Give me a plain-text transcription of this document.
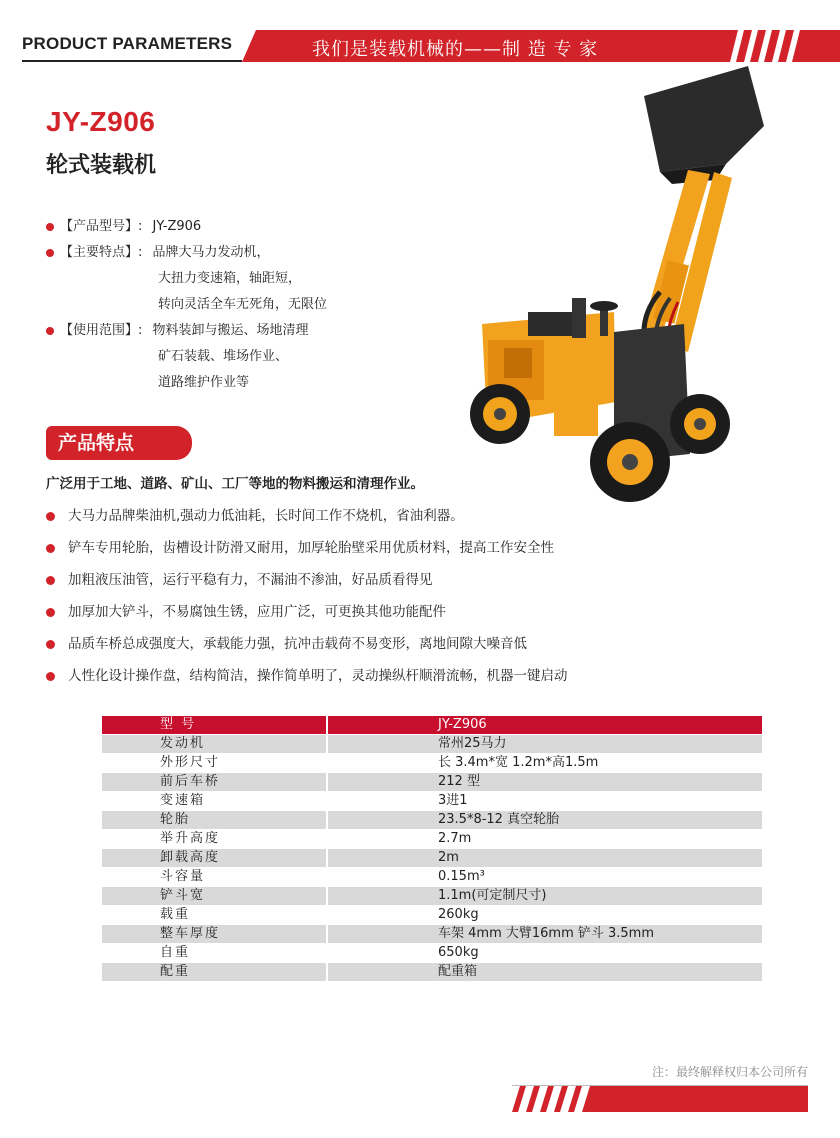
PRODUCT PARAMETERS	我们是装载机械的——制 造 专 家
JY-Z906
轮式装载机
【产品型号】: JY-Z906
【主要特点】: 品牌大马力发动机，
大扭力变速箱，轴距短，
转向灵活全车无死角，无限位
【使用范围】: 物料装卸与搬运、场地清理
矿石装载、堆场作业、
道路维护作业等
产品特点
广泛用于工地、道路、矿山、工厂等地的物料搬运和清理作业。
大马力品牌柴油机,强动力低油耗，长时间工作不烧机，省油利器。
铲车专用轮胎，齿槽设计防滑又耐用，加厚轮胎壁采用优质材料，提高工作安全性
加粗液压油管，运行平稳有力，不漏油不渗油，好品质看得见
加厚加大铲斗，不易腐蚀生锈，应用广泛，可更换其他功能配件
品质车桥总成强度大，承载能力强，抗冲击载荷不易变形，离地间隙大噪音低
人性化设计操作盘，结构简洁，操作简单明了，灵动操纵杆顺滑流畅，机器一键启动
型 号	JY-Z906
发动机	常州25马力
外形尺寸	长 3.4m*宽 1.2m*高1.5m
前后车桥	212 型
变速箱	3进1
轮胎	23.5*8-12 真空轮胎
举升高度	2.7m
卸载高度	2m
斗容量	0.15m³
铲斗宽	1.1m(可定制尺寸)
载重	260kg
整车厚度	车架 4mm 大臂16mm 铲斗 3.5mm
自重	650kg
配重	配重箱
注：最终解释权归本公司所有
